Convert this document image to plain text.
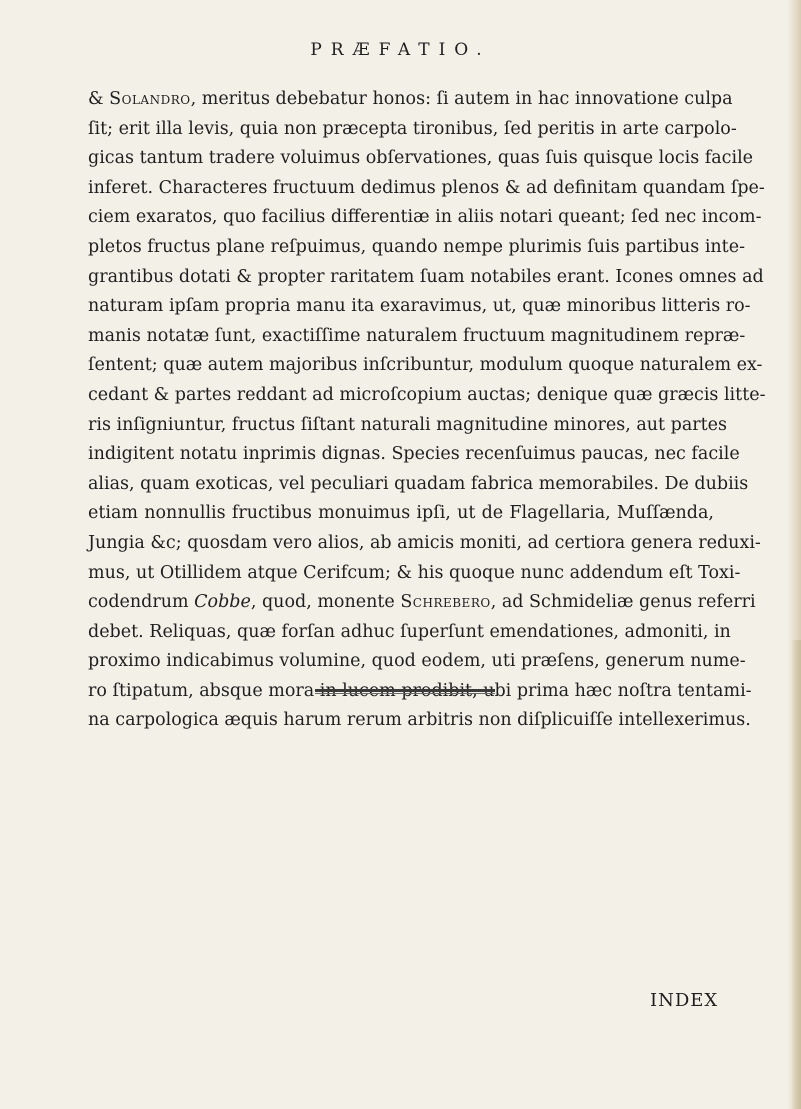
PRÆFATIO.
& Solandro, meritus debebatur honos: ſi autem in hac innovatione culpa
ſit; erit illa levis, quia non præcepta tironibus, ſed peritis in arte carpolo-
gicas tantum tradere voluimus obſervationes, quas ſuis quisque locis facile
inferet. Characteres fructuum dedimus plenos & ad definitam quandam ſpe-
ciem exaratos, quo facilius differentiæ in aliis notari queant; ſed nec incom-
pletos fructus plane reſpuimus, quando nempe plurimis ſuis partibus inte-
grantibus dotati & propter raritatem ſuam notabiles erant. Icones omnes ad
naturam ipſam propria manu ita exaravimus, ut, quæ minoribus litteris ro-
manis notatæ ſunt, exactiſſime naturalem fructuum magnitudinem repræ-
ſentent; quæ autem majoribus inſcribuntur, modulum quoque naturalem ex-
cedant & partes reddant ad microſcopium auctas; denique quæ græcis litte-
ris inſigniuntur, fructus ſiſtant naturali magnitudine minores, aut partes
indigitent notatu inprimis dignas. Species recenſuimus paucas, nec facile
alias, quam exoticas, vel peculiari quadam fabrica memorabiles. De dubiis
etiam nonnullis fructibus monuimus ipſi, ut de Flagellaria, Muſſænda,
Jungia &c; quosdam vero alios, ab amicis moniti, ad certiora genera reduxi-
mus, ut Otillidem atque Cerifcum; & his quoque nunc addendum eſt Toxi-
codendrum Cobbe, quod, monente Schrebero, ad Schmideliæ genus referri
debet. Reliquas, quæ forſan adhuc ſuperſunt emendationes, admoniti, in
proximo indicabimus volumine, quod eodem, uti præſens, generum nume-
ro ſtipatum, absque mora in lucem prodibit, ubi prima hæc noſtra tentami-
na carpologica æquis harum rerum arbitris non diſplicuiſſe intellexerimus.
INDEX
